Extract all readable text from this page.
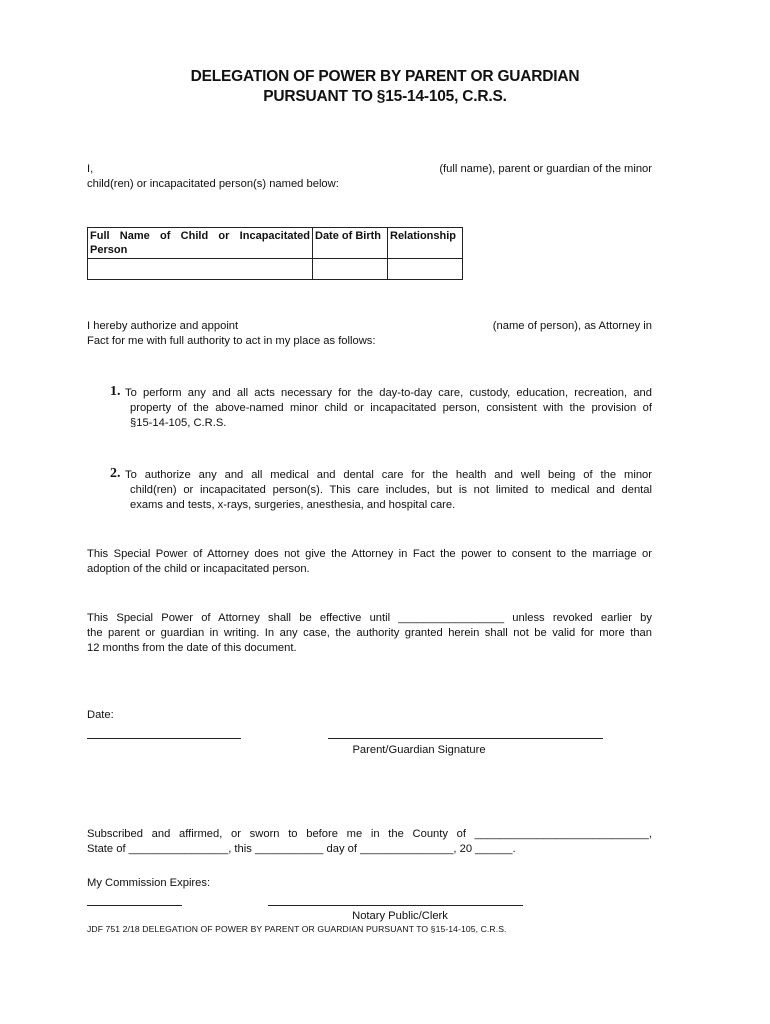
DELEGATION OF POWER BY PARENT OR GUARDIAN
PURSUANT TO §15-14-105, C.R.S.
I,	(full name), parent or guardian of the minor
child(ren) or incapacitated person(s) named below:
Full Name of Child or Incapacitated Person	Date of Birth	Relationship

I hereby authorize and appoint	(name of person), as Attorney in
Fact for me with full authority to act in my place as follows:
1. To perform any and all acts necessary for the day-to-day care, custody, education, recreation, and
property of the above-named minor child or incapacitated person, consistent with the provision of
§15-14-105, C.R.S.
2. To authorize any and all medical and dental care for the health and well being of the minor
child(ren) or incapacitated person(s). This care includes, but is not limited to medical and dental
exams and tests, x-rays, surgeries, anesthesia, and hospital care.
This Special Power of Attorney does not give the Attorney in Fact the power to consent to the marriage or
adoption of the child or incapacitated person.
This Special Power of Attorney shall be effective until _________________ unless revoked earlier by
the parent or guardian in writing. In any case, the authority granted herein shall not be valid for more than
12 months from the date of this document.
Date:
Parent/Guardian Signature
Subscribed and affirmed, or sworn to before me in the County of ____________________________,
State of ________________, this ___________ day of _______________, 20 ______.
My Commission Expires:
Notary Public/Clerk
JDF 751 2/18 DELEGATION OF POWER BY PARENT OR GUARDIAN PURSUANT TO §15-14-105, C.R.S.
